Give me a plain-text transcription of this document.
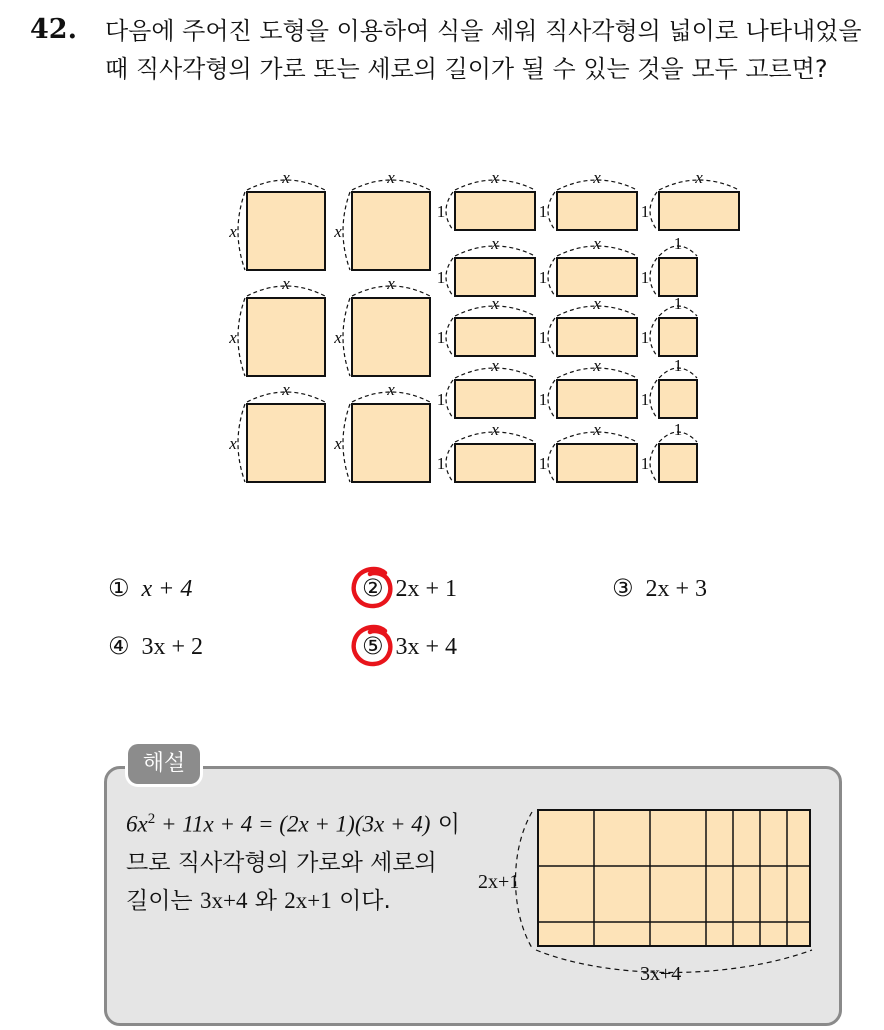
42. 다음에 주어진 도형을 이용하여 식을 세워 직사각형의 넓이로 나타내었을 때 직사각형의 가로 또는 세로의 길이가 될 수 있는 것을 모두 고르면?
x
x
x
x
x
x
x
x
x
x
x
x
x
1
x
1
x
1
x
1
x
1
x
1
x
1
x
1
x
1
x
1
x
1
1
1
1
1
1
1
1
1
① x + 4	② 2x + 1	③ 2x + 3
④ 3x + 2	⑤ 3x + 4
해설
$6x^2 + 11x + 4 = (2x + 1)(3x + 4)$ 이므로 직사각형의 가로와 세로의 길이는 3x+4 와 2x+1 이다.
2x+1
3x+4
